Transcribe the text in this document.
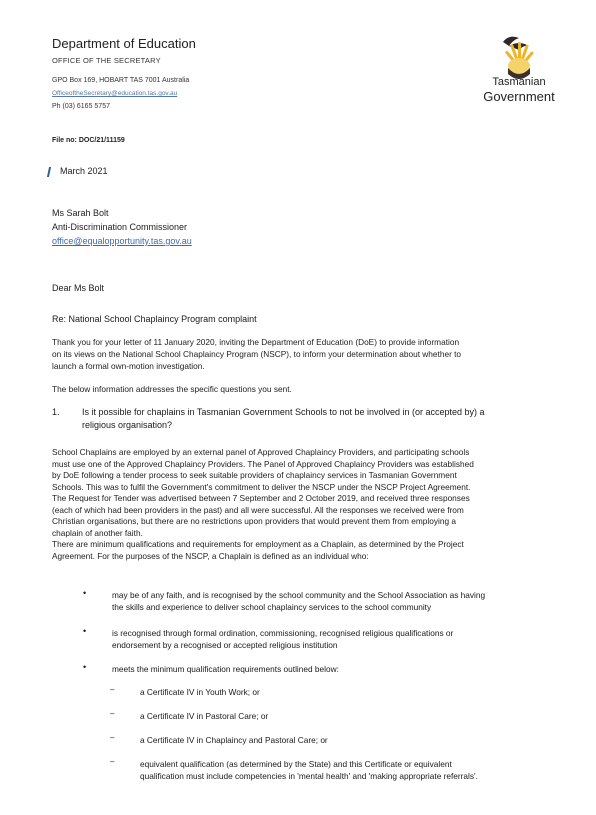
Department of Education
OFFICE OF THE SECRETARY
GPO Box 169, HOBART TAS 7001 Australia
OfficeoftheSecretary@education.tas.gov.au
Ph (03) 6165 5757
Tasmanian
Government
File no: DOC/21/11159
March 2021
Ms Sarah Bolt
Anti-Discrimination Commissioner
office@equalopportunity.tas.gov.au
Dear Ms Bolt
Re: National School Chaplaincy Program complaint
Thank you for your letter of 11 January 2020, inviting the Department of Education (DoE) to provide information
on its views on the National School Chaplaincy Program (NSCP), to inform your determination about whether to
launch a formal own-motion investigation.
The below information addresses the specific questions you sent.
1. Is it possible for chaplains in Tasmanian Government Schools to not be involved in (or accepted by) a
religious organisation?
School Chaplains are employed by an external panel of Approved Chaplaincy Providers, and participating schools
must use one of the Approved Chaplaincy Providers. The Panel of Approved Chaplaincy Providers was established
by DoE following a tender process to seek suitable providers of chaplaincy services in Tasmanian Government
Schools. This was to fulfil the Government's commitment to deliver the NSCP under the NSCP Project Agreement.
The Request for Tender was advertised between 7 September and 2 October 2019, and received three responses
(each of which had been providers in the past) and all were successful. All the responses we received were from
Christian organisations, but there are no restrictions upon providers that would prevent them from employing a
chaplain of another faith.
There are minimum qualifications and requirements for employment as a Chaplain, as determined by the Project
Agreement. For the purposes of the NSCP, a Chaplain is defined as an individual who:
•	may be of any faith, and is recognised by the school community and the School Association as having
the skills and experience to deliver school chaplaincy services to the school community
•	is recognised through formal ordination, commissioning, recognised religious qualifications or
endorsement by a recognised or accepted religious institution
•	meets the minimum qualification requirements outlined below:
–	a Certificate IV in Youth Work; or
–	a Certificate IV in Pastoral Care; or
–	a Certificate IV in Chaplaincy and Pastoral Care; or
–	equivalent qualification (as determined by the State) and this Certificate or equivalent
qualification must include competencies in 'mental health' and 'making appropriate referrals'.
